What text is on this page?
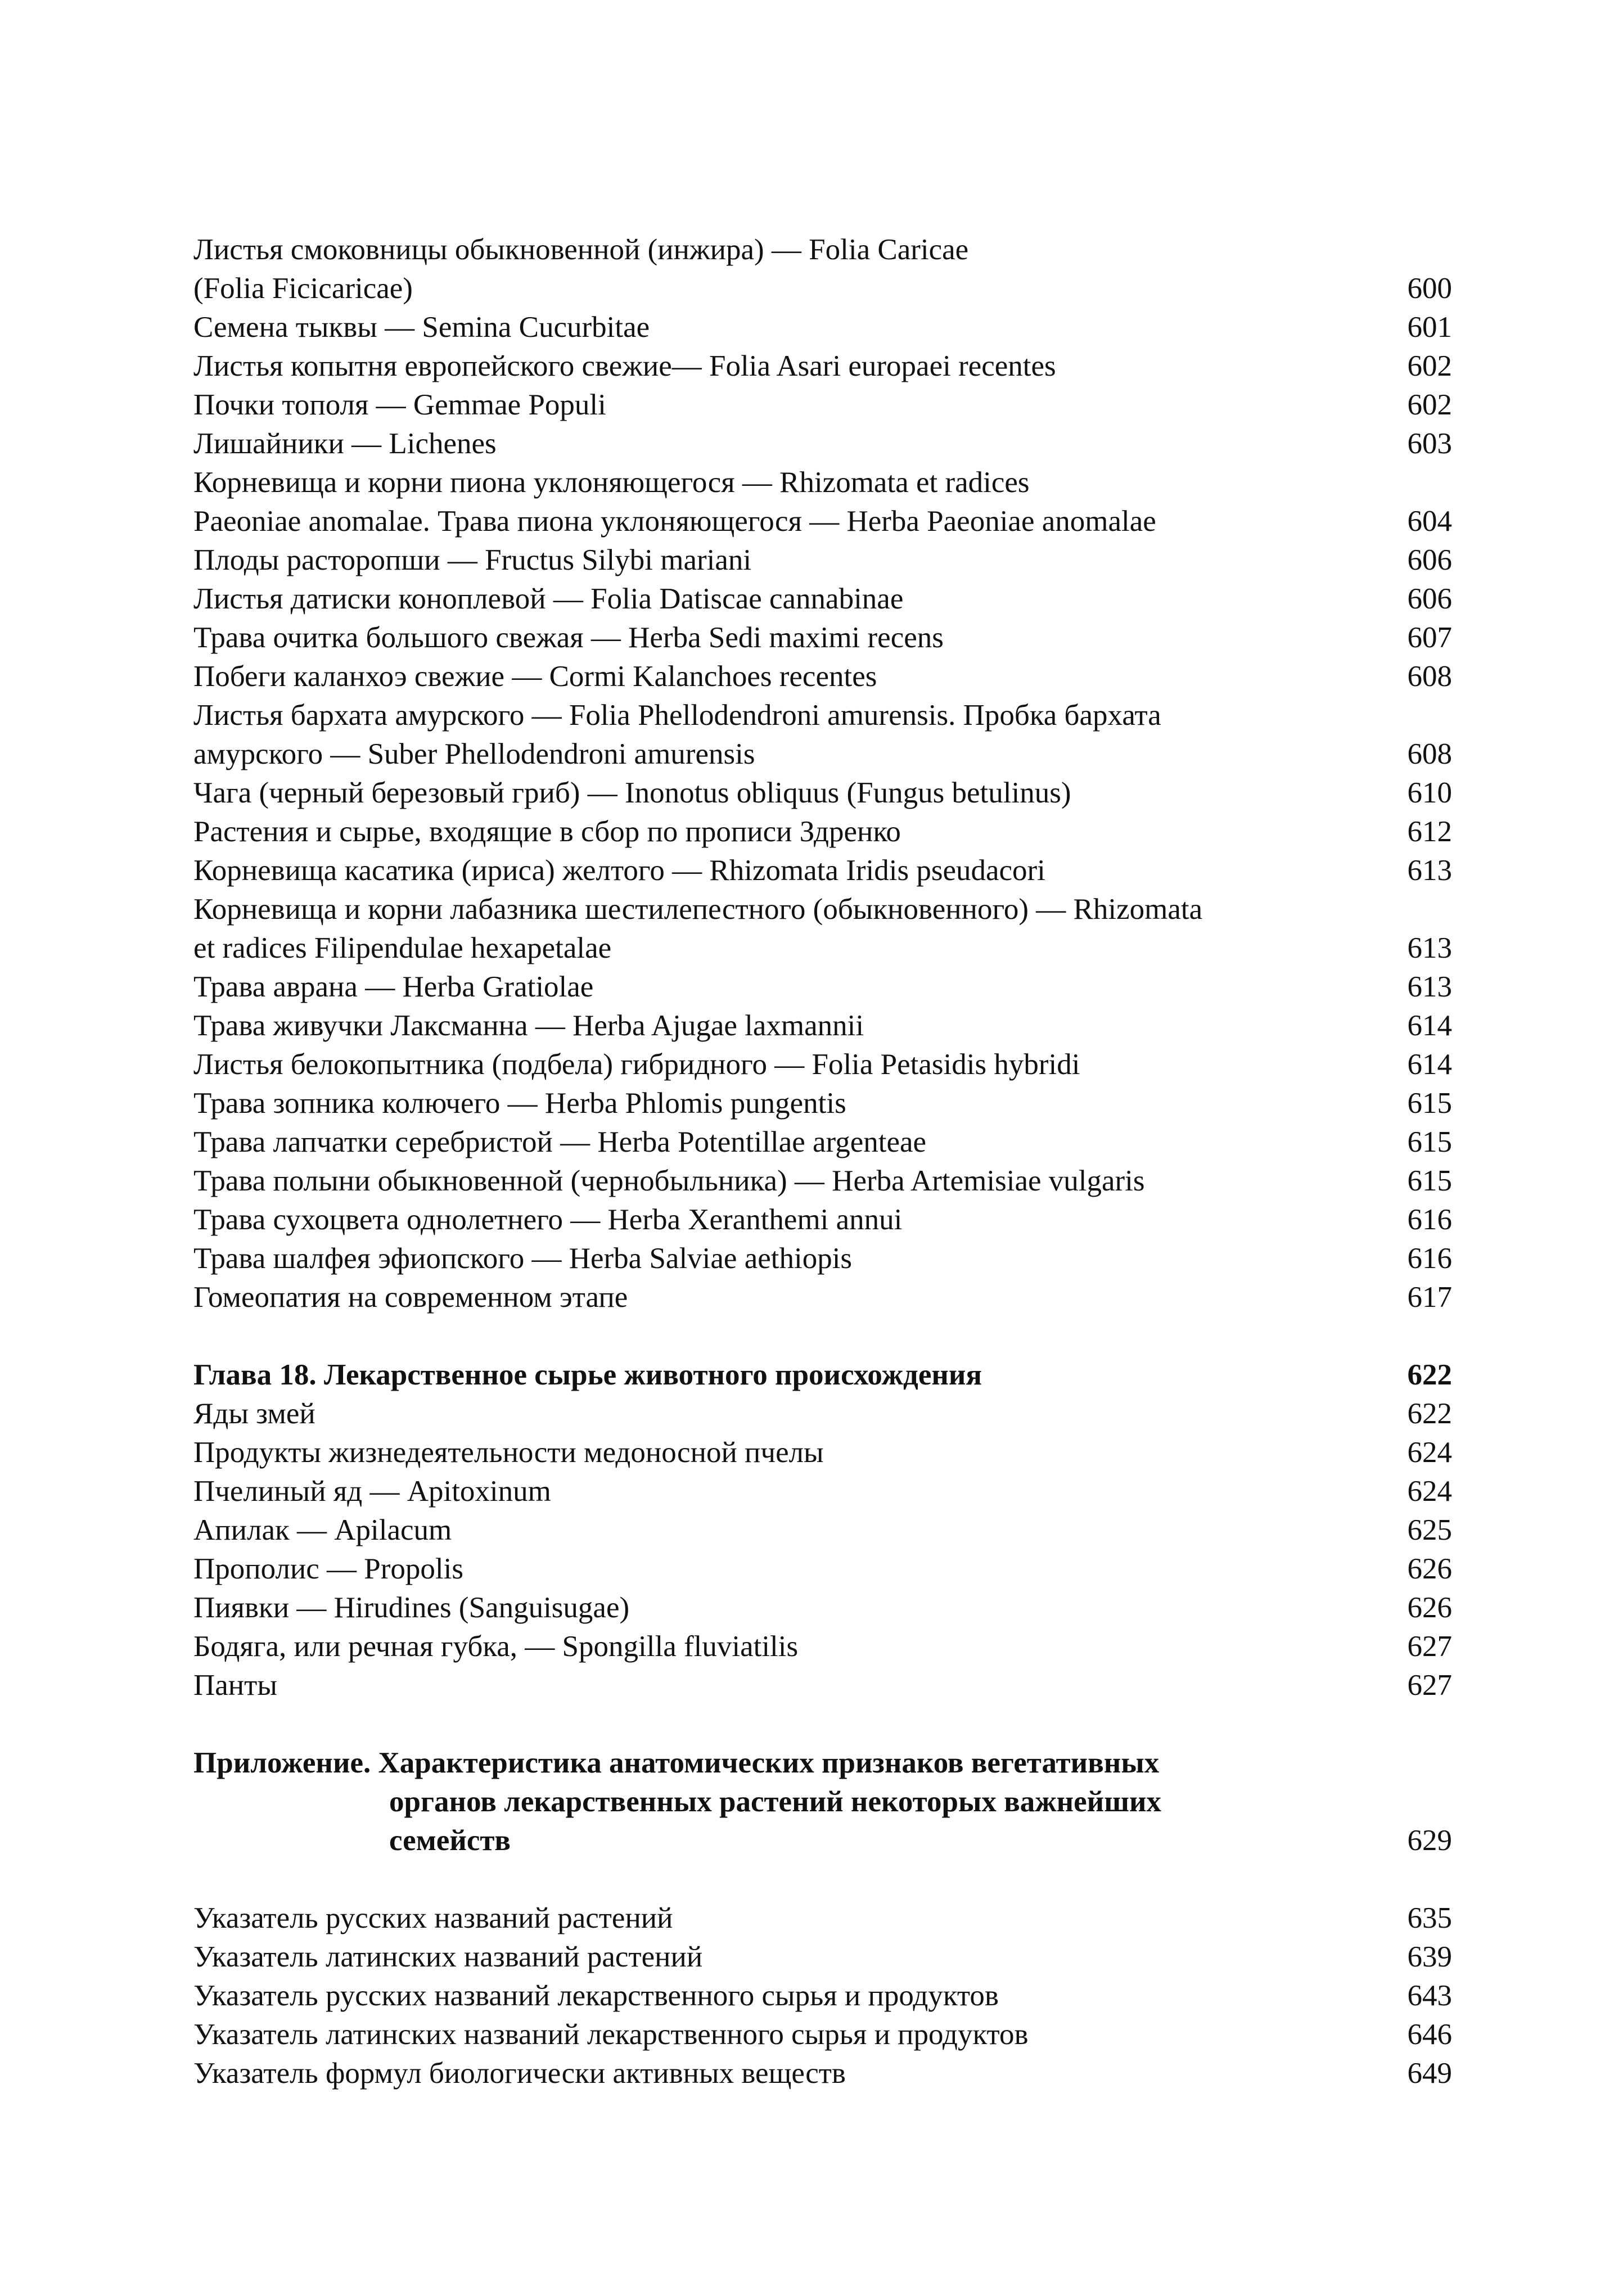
Листья смоковницы обыкновенной (инжира) — Folia Caricae
(Folia Ficicaricae)	600
Семена тыквы — Semina Cucurbitae	601
Листья копытня европейского свежие— Folia Asari europaei recentes	602
Почки тополя — Gemmae Populi	602
Лишайники — Lichenes	603
Корневища и корни пиона уклоняющегося — Rhizomata et radices
Paeoniae anomalae. Трава пиона уклоняющегося — Herba Paeoniae anomalae	604
Плоды расторопши — Fructus Silybi mariani	606
Листья датиски коноплевой — Folia Datiscae cannabinae	606
Трава очитка большого свежая — Herba Sedi maximi recens	607
Побеги каланхоэ свежие — Cormi Kalanchoes recentes	608
Листья бархата амурского — Folia Phellodendroni amurensis. Пробка бархата
амурского — Suber Phellodendroni amurensis	608
Чага (черный березовый гриб) — Inonotus obliquus (Fungus betulinus)	610
Растения и сырье, входящие в сбор по прописи Здренко	612
Корневища касатика (ириса) желтого — Rhizomata Iridis pseudacori	613
Корневища и корни лабазника шестилепестного (обыкновенного) — Rhizomata
et radices Filipendulae hexapetalae	613
Трава аврана — Herba Gratiolae	613
Трава живучки Лаксманна — Herba Ajugae laxmannii	614
Листья белокопытника (подбела) гибридного — Folia Petasidis hybridi	614
Трава зопника колючего — Herba Phlomis pungentis	615
Трава лапчатки серебристой — Herba Potentillae argenteae	615
Трава полыни обыкновенной (чернобыльника) — Herba Artemisiae vulgaris	615
Трава сухоцвета однолетнего — Herba Xeranthemi annui	616
Трава шалфея эфиопского — Herba Salviae aethiopis	616
Гомеопатия на современном этапе	617
Глава 18. Лекарственное сырье животного происхождения	622
Яды змей	622
Продукты жизнедеятельности медоносной пчелы	624
Пчелиный яд — Apitoxinum	624
Апилак — Apilacum	625
Прополис — Propolis	626
Пиявки — Hirudines (Sanguisugae)	626
Бодяга, или речная губка, — Spongilla fluviatilis	627
Панты	627
Приложение. Характеристика анатомических признаков вегетативных
органов лекарственных растений некоторых важнейших
семейств	629
Указатель русских названий растений	635
Указатель латинских названий растений	639
Указатель русских названий лекарственного сырья и продуктов	643
Указатель латинских названий лекарственного сырья и продуктов	646
Указатель формул биологически активных веществ	649
